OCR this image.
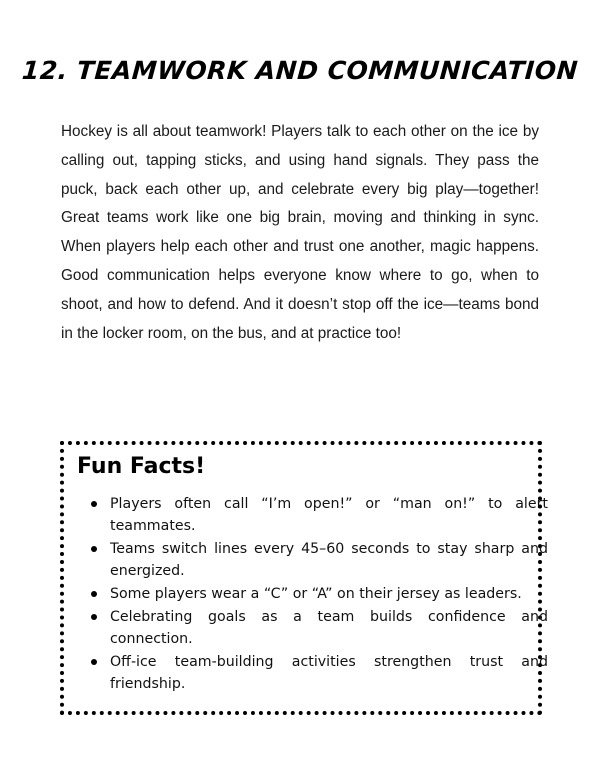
12. TEAMWORK AND COMMUNICATION

Hockey is all about teamwork! Players talk to each other on the ice by calling out, tapping sticks, and using hand signals. They pass the puck, back each other up, and celebrate every big play—together! Great teams work like one big brain, moving and thinking in sync. When players help each other and trust one another, magic happens. Good communication helps everyone know where to go, when to shoot, and how to defend. And it doesn’t stop off the ice—teams bond in the locker room, on the bus, and at practice too!

Fun Facts!
Players often call “I’m open!” or “man on!” to alert teammates.
Teams switch lines every 45–60 seconds to stay sharp and energized.
Some players wear a “C” or “A” on their jersey as leaders.
Celebrating goals as a team builds confidence and connection.
Off-ice team-building activities strengthen trust and friendship.
